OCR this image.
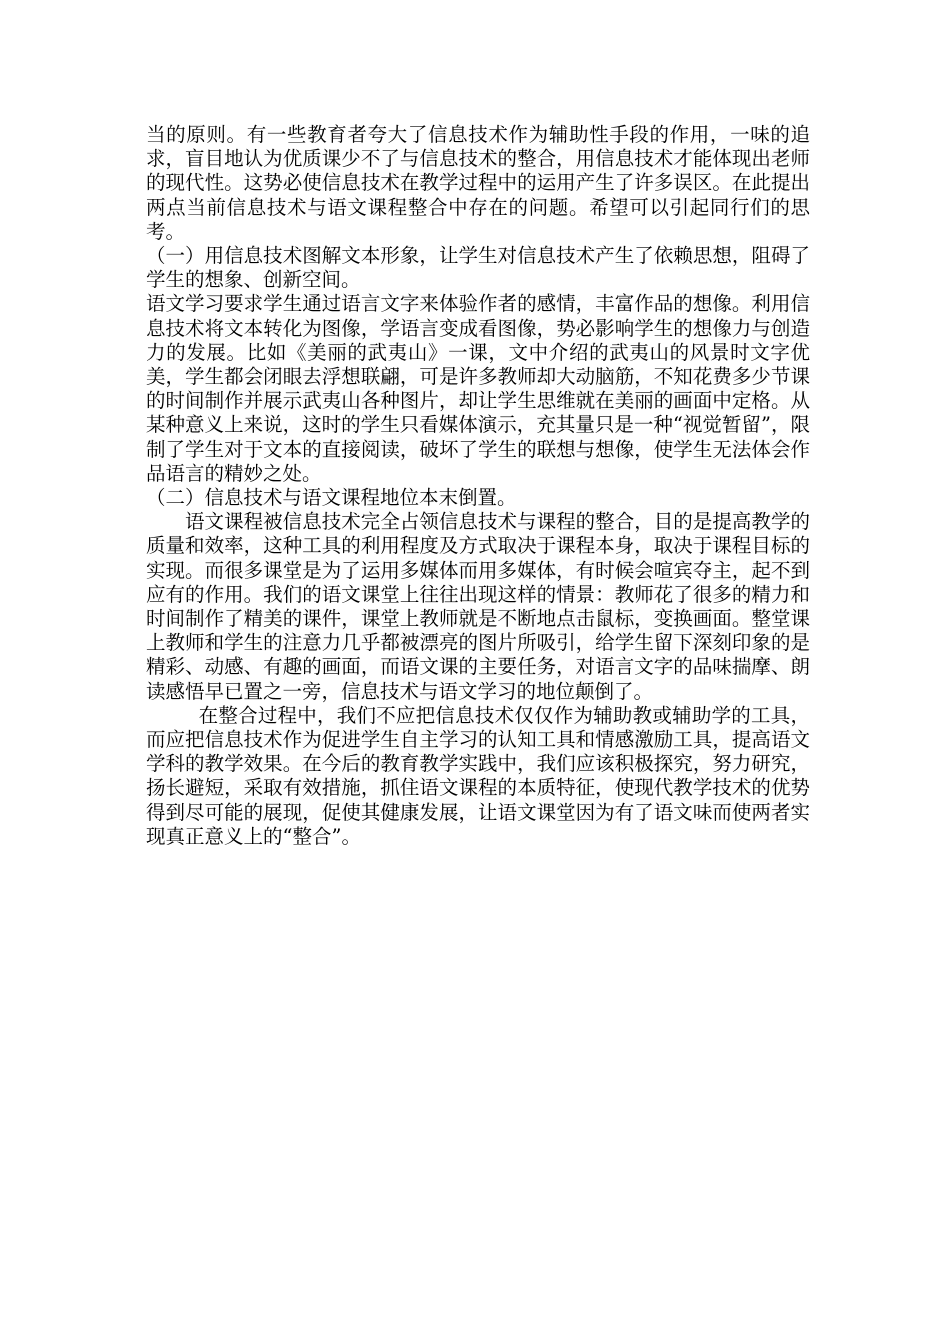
当的原则。有一些教育者夸大了信息技术作为辅助性手段的作用，一味的追求，盲目地认为优质课少不了与信息技术的整合，用信息技术才能体现出老师的现代性。这势必使信息技术在教学过程中的运用产生了许多误区。在此提出两点当前信息技术与语文课程整合中存在的问题。希望可以引起同行们的思考。

（一）用信息技术图解文本形象，让学生对信息技术产生了依赖思想，阻碍了学生的想象、创新空间。

语文学习要求学生通过语言文字来体验作者的感情，丰富作品的想像。利用信息技术将文本转化为图像，学语言变成看图像，势必影响学生的想像力与创造力的发展。比如《美丽的武夷山》一课，文中介绍的武夷山的风景时文字优美，学生都会闭眼去浮想联翩，可是许多教师却大动脑筋，不知花费多少节课的时间制作并展示武夷山各种图片，却让学生思维就在美丽的画面中定格。从某种意义上来说，这时的学生只看媒体演示，充其量只是一种“视觉暂留”，限制了学生对于文本的直接阅读，破坏了学生的联想与想像，使学生无法体会作品语言的精妙之处。

（二）信息技术与语文课程地位本末倒置。

语文课程被信息技术完全占领信息技术与课程的整合，目的是提高教学的质量和效率，这种工具的利用程度及方式取决于课程本身，取决于课程目标的实现。而很多课堂是为了运用多媒体而用多媒体，有时候会喧宾夺主，起不到应有的作用。我们的语文课堂上往往出现这样的情景：教师花了很多的精力和时间制作了精美的课件，课堂上教师就是不断地点击鼠标，变换画面。整堂课上教师和学生的注意力几乎都被漂亮的图片所吸引，给学生留下深刻印象的是精彩、动感、有趣的画面，而语文课的主要任务，对语言文字的品味揣摩、朗读感悟早已置之一旁，信息技术与语文学习的地位颠倒了。

在整合过程中，我们不应把信息技术仅仅作为辅助教或辅助学的工具，而应把信息技术作为促进学生自主学习的认知工具和情感激励工具，提高语文学科的教学效果。在今后的教育教学实践中，我们应该积极探究，努力研究，扬长避短，采取有效措施，抓住语文课程的本质特征，使现代教学技术的优势得到尽可能的展现，促使其健康发展，让语文课堂因为有了语文味而使两者实现真正意义上的“整合”。
